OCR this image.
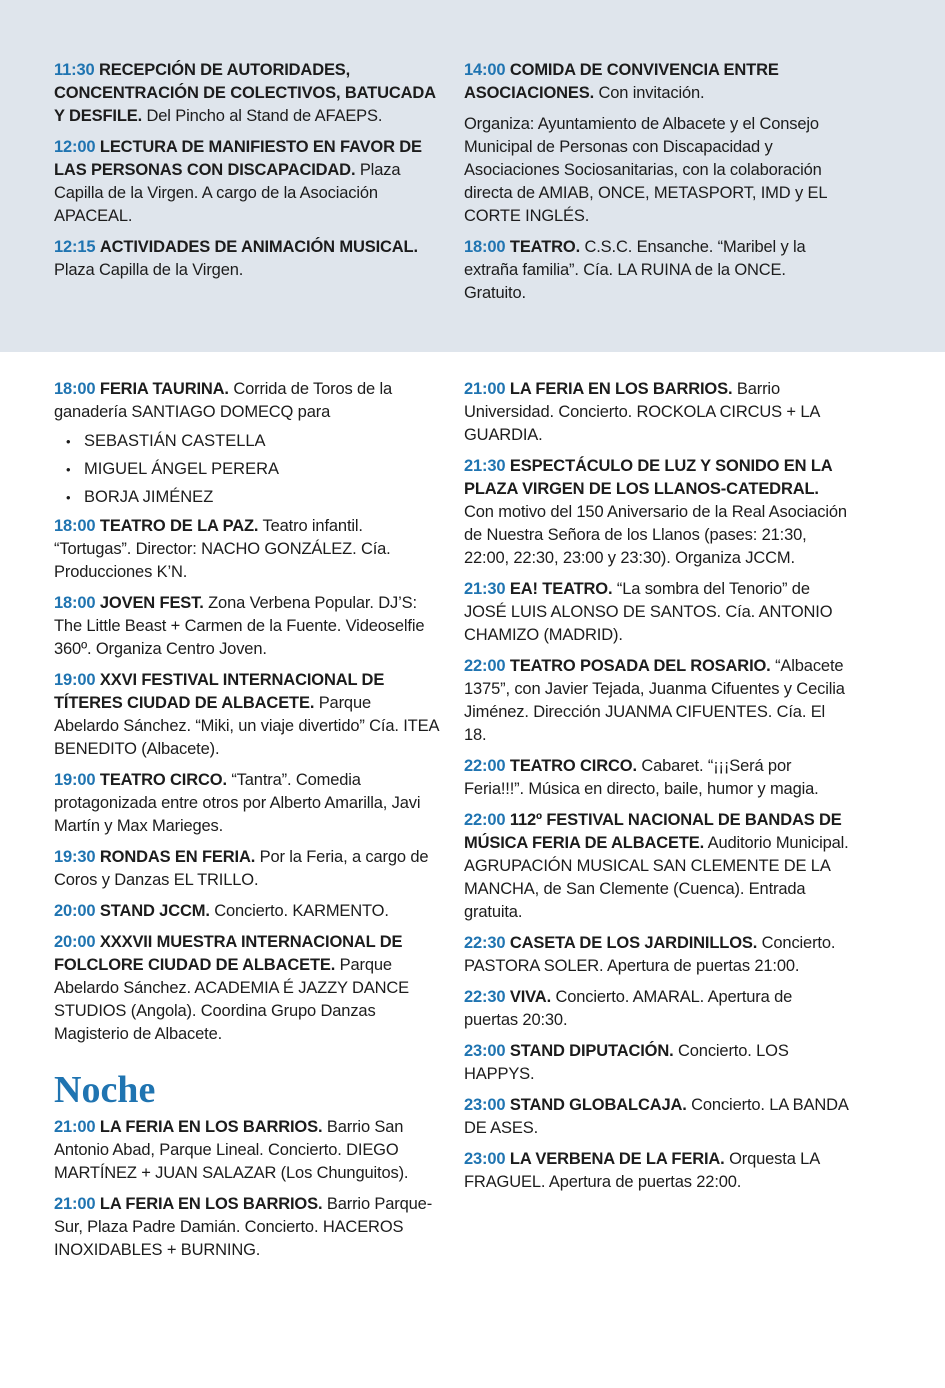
11:30 RECEPCIÓN DE AUTORIDADES, CONCENTRACIÓN DE COLECTIVOS, BATUCADA Y DESFILE. Del Pincho al Stand de AFAEPS.

12:00 LECTURA DE MANIFIESTO EN FAVOR DE LAS PERSONAS CON DISCAPACIDAD. Plaza Capilla de la Virgen. A cargo de la Asociación APACEAL.

12:15 ACTIVIDADES DE ANIMACIÓN MUSICAL. Plaza Capilla de la Virgen.

14:00 COMIDA DE CONVIVENCIA ENTRE ASOCIACIONES. Con invitación.

Organiza: Ayuntamiento de Albacete y el Consejo Municipal de Personas con Discapacidad y Asociaciones Sociosanitarias, con la colaboración directa de AMIAB, ONCE, METASPORT, IMD y EL CORTE INGLÉS.

18:00 TEATRO. C.S.C. Ensanche. “Maribel y la extraña familia”. Cía. LA RUINA de la ONCE. Gratuito.

18:00 FERIA TAURINA. Corrida de Toros de la ganadería SANTIAGO DOMECQ para

• SEBASTIÁN CASTELLA
• MIGUEL ÁNGEL PERERA
• BORJA JIMÉNEZ

18:00 TEATRO DE LA PAZ. Teatro infantil. “Tortugas”. Director: NACHO GONZÁLEZ. Cía. Producciones K’N.

18:00 JOVEN FEST. Zona Verbena Popular. DJ’S: The Little Beast + Carmen de la Fuente. Videoselfie 360º. Organiza Centro Joven.

19:00 XXVI FESTIVAL INTERNACIONAL DE TÍTERES CIUDAD DE ALBACETE. Parque Abelardo Sánchez. “Miki, un viaje divertido” Cía. ITEA BENEDITO (Albacete).

19:00 TEATRO CIRCO. “Tantra”. Comedia protagonizada entre otros por Alberto Amarilla, Javi Martín y Max Marieges.

19:30 RONDAS EN FERIA. Por la Feria, a cargo de Coros y Danzas EL TRILLO.

20:00 STAND JCCM. Concierto. KARMENTO.

20:00 XXXVII MUESTRA INTERNACIONAL DE FOLCLORE CIUDAD DE ALBACETE. Parque Abelardo Sánchez. ACADEMIA É JAZZY DANCE STUDIOS (Angola). Coordina Grupo Danzas Magisterio de Albacete.

Noche

21:00 LA FERIA EN LOS BARRIOS. Barrio San Antonio Abad, Parque Lineal. Concierto. DIEGO MARTÍNEZ + JUAN SALAZAR (Los Chunguitos).

21:00 LA FERIA EN LOS BARRIOS. Barrio Parque-Sur, Plaza Padre Damián. Concierto. HACEROS INOXIDABLES + BURNING.

21:00 LA FERIA EN LOS BARRIOS. Barrio Universidad. Concierto. ROCKOLA CIRCUS + LA GUARDIA.

21:30 ESPECTÁCULO DE LUZ Y SONIDO EN LA PLAZA VIRGEN DE LOS LLANOS-CATEDRAL. Con motivo del 150 Aniversario de la Real Asociación de Nuestra Señora de los Llanos (pases: 21:30, 22:00, 22:30, 23:00 y 23:30). Organiza JCCM.

21:30 EA! TEATRO. “La sombra del Tenorio” de JOSÉ LUIS ALONSO DE SANTOS. Cía. ANTONIO CHAMIZO (MADRID).

22:00 TEATRO POSADA DEL ROSARIO. “Albacete 1375”, con Javier Tejada, Juanma Cifuentes y Cecilia Jiménez. Dirección JUANMA CIFUENTES. Cía. El 18.

22:00 TEATRO CIRCO. Cabaret. “¡¡¡Será por Feria!!!”. Música en directo, baile, humor y magia.

22:00 112º FESTIVAL NACIONAL DE BANDAS DE MÚSICA FERIA DE ALBACETE. Auditorio Municipal. AGRUPACIÓN MUSICAL SAN CLEMENTE DE LA MANCHA, de San Clemente (Cuenca). Entrada gratuita.

22:30 CASETA DE LOS JARDINILLOS. Concierto. PASTORA SOLER. Apertura de puertas 21:00.

22:30 VIVA. Concierto. AMARAL. Apertura de puertas 20:30.

23:00 STAND DIPUTACIÓN. Concierto. LOS HAPPYS.

23:00 STAND GLOBALCAJA. Concierto. LA BANDA DE ASES.

23:00 LA VERBENA DE LA FERIA. Orquesta LA FRAGUEL. Apertura de puertas 22:00.
